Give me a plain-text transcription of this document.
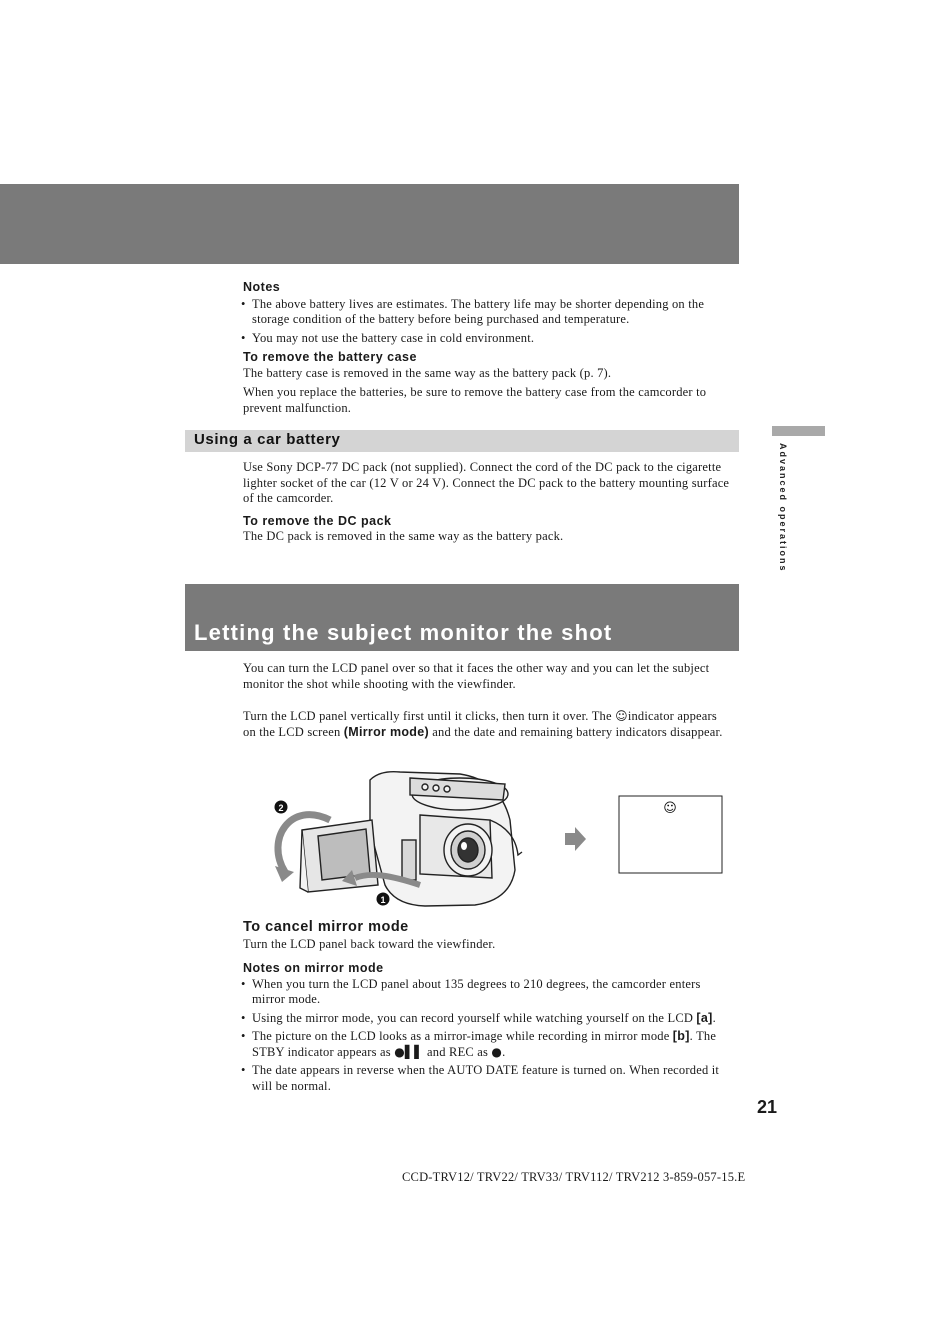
Notes

• The above battery lives are estimates. The battery life may be shorter depending on the storage condition of the battery before being purchased and temperature.
• You may not use the battery case in cold environment.

To remove the battery case

The battery case is removed in the same way as the battery pack (p. 7).

When you replace the batteries, be sure to remove the battery case from the camcorder to prevent malfunction.

Using a car battery
Advanced operations

Use Sony DCP-77 DC pack (not supplied). Connect the cord of the DC pack to the cigarette lighter socket of the car (12 V or 24 V). Connect the DC pack to the battery mounting surface of the camcorder.

To remove the DC pack

The DC pack is removed in the same way as the battery pack.

Letting the subject monitor the shot

You can turn the LCD panel over so that it faces the other way and you can let the subject monitor the shot while shooting with the viewfinder.

Turn the LCD panel vertically first until it clicks, then turn it over. The ☺indicator appears on the LCD screen (Mirror mode) and the date and remaining battery indicators disappear.

2
1
☺

To cancel mirror mode

Turn the LCD panel back toward the viewfinder.

Notes on mirror mode

• When you turn the LCD panel about 135 degrees to 210 degrees, the camcorder enters mirror mode.
• Using the mirror mode, you can record yourself while watching yourself on the LCD [a].
• The picture on the LCD looks as a mirror-image while recording in mirror mode [b]. The STBY indicator appears as ●▌▌ and REC as ●.
• The date appears in reverse when the AUTO DATE feature is turned on. When recorded it will be normal.
21
CCD-TRV12/ TRV22/ TRV33/ TRV112/ TRV212 3-859-057-15.E
